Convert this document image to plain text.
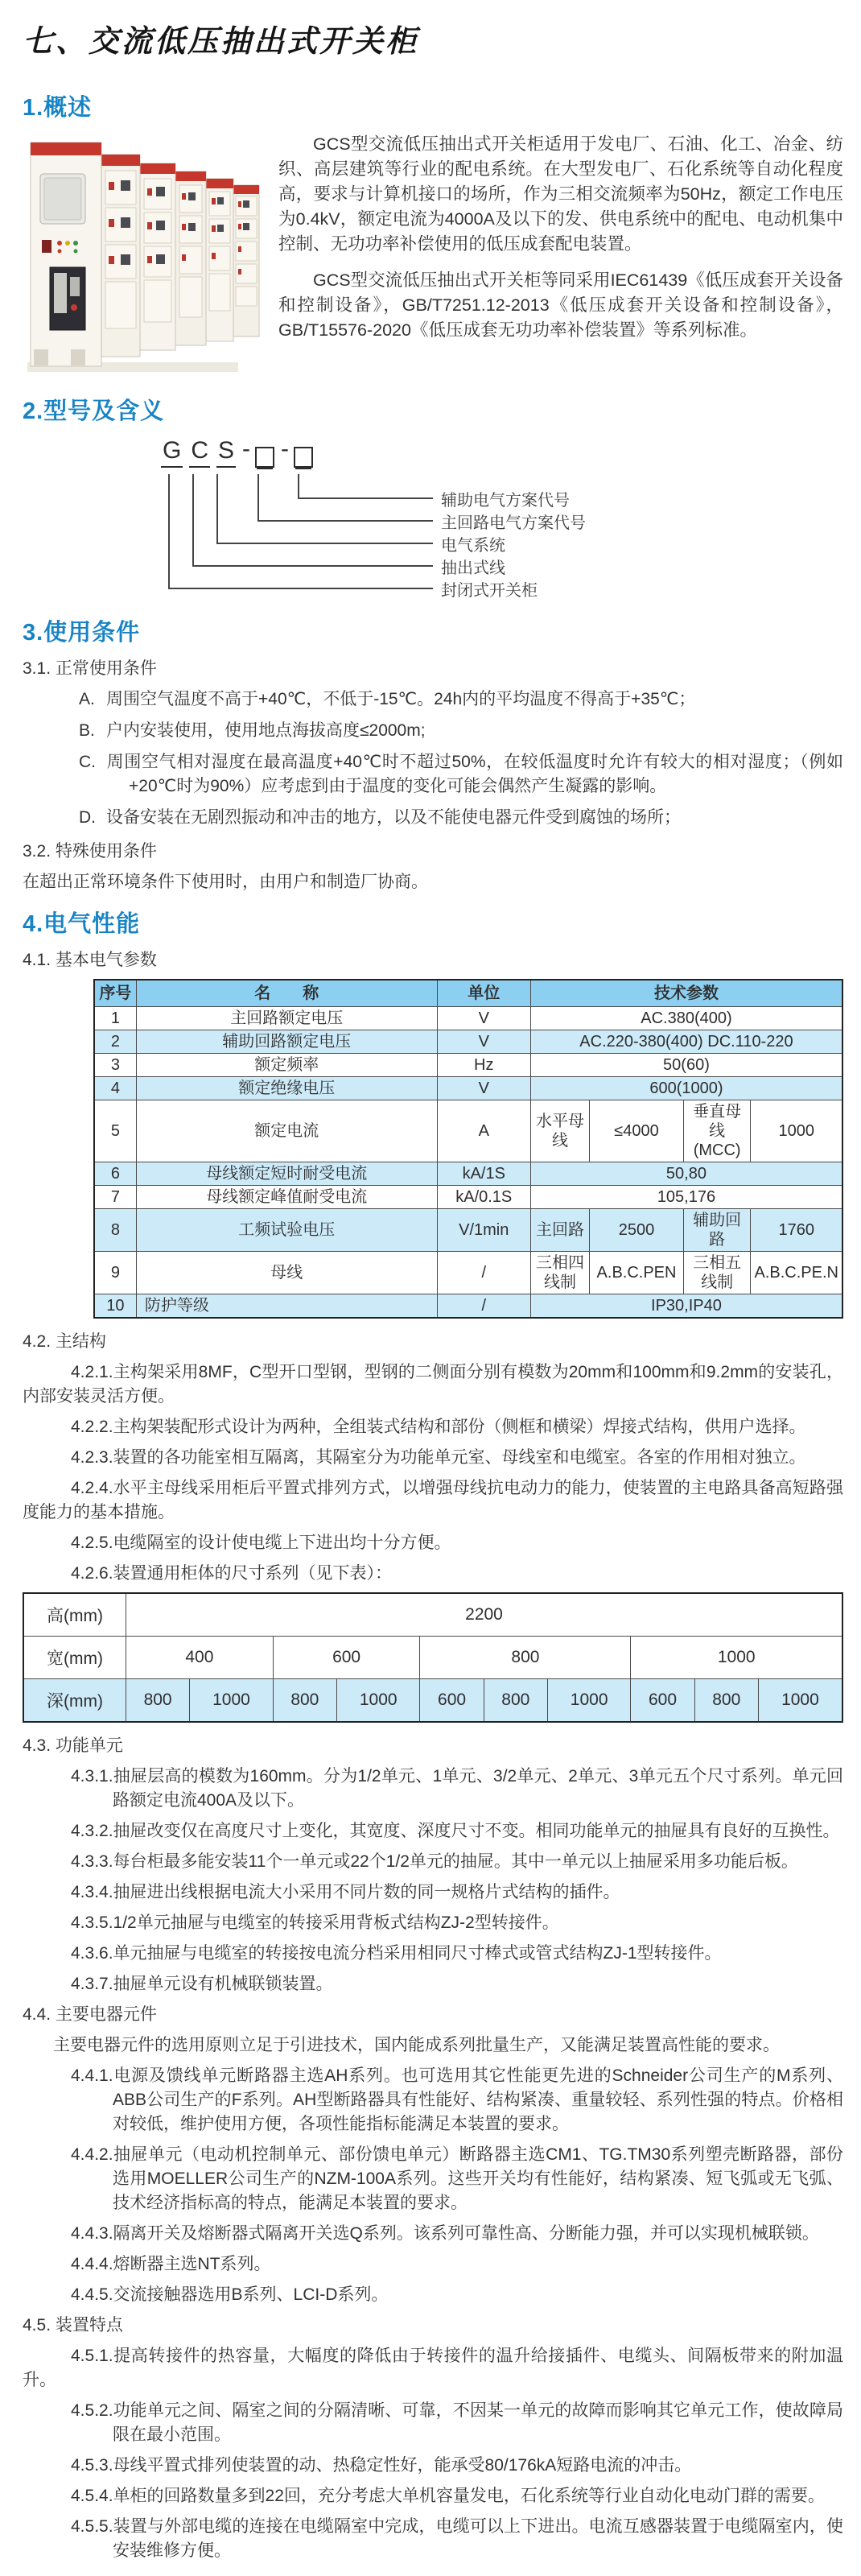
七、交流低压抽出式开关柜
1.概述

GCS型交流低压抽出式开关柜适用于发电厂、石油、化工、冶金、纺织、高层建筑等行业的配电系统。在大型发电厂、石化系统等自动化程度高，要求与计算机接口的场所，作为三相交流频率为50Hz，额定工作电压为0.4kV，额定电流为4000A及以下的发、供电系统中的配电、电动机集中控制、无功功率补偿使用的低压成套配电装置。

GCS型交流低压抽出式开关柜等同采用IEC61439《低压成套开关设备和控制设备》，GB/T7251.12-2013《低压成套开关设备和控制设备》，GB/T15576-2020《低压成套无功功率补偿装置》等系列标准。

2.型号及含义
G C S - -
辅助电气方案代号
主回路电气方案代号
电气系统
抽出式线
封闭式开关柜
3.使用条件

3.1. 正常使用条件

A. 周围空气温度不高于+40℃，不低于-15℃。24h内的平均温度不得高于+35℃；

B. 户内安装使用，使用地点海拔高度≤2000m;

C. 周围空气相对湿度在最高温度+40℃时不超过50%，在较低温度时允许有较大的相对湿度；（例如+20℃时为90%）应考虑到由于温度的变化可能会偶然产生凝露的影响。

D. 设备安装在无剧烈振动和冲击的地方，以及不能使电器元件受到腐蚀的场所；

3.2. 特殊使用条件

在超出正常环境条件下使用时，由用户和制造厂协商。

4.电气性能

4.1. 基本电气参数

序号	名　　称	单位	技术参数			
1	主回路额定电压	V	AC.380(400)			
2	辅助回路额定电压	V	AC.220-380(400) DC.110-220			
3	额定频率	Hz	50(60)			
4	额定绝缘电压	V	600(1000)			
5	额定电流	A	水平母线	≤4000	垂直母线 (MCC)	1000
6	母线额定短时耐受电流	kA/1S	50,80			
7	母线额定峰值耐受电流	kA/0.1S	105,176			
8	工频试验电压	V/1min	主回路	2500	辅助回路	1760
9	母线	/	三相四线制	A.B.C.PEN	三相五线制	A.B.C.PE.N
10	防护等级	/	IP30,IP40			

4.2. 主结构

4.2.1.主构架采用8MF，C型开口型钢，型钢的二侧面分别有模数为20mm和100mm和9.2mm的安装孔，内部安装灵活方便。

4.2.2.主构架装配形式设计为两种，全组装式结构和部份（侧框和横梁）焊接式结构，供用户选择。

4.2.3.装置的各功能室相互隔离，其隔室分为功能单元室、母线室和电缆室。各室的作用相对独立。

4.2.4.水平主母线采用柜后平置式排列方式，以增强母线抗电动力的能力，使装置的主电路具备高短路强度能力的基本措施。

4.2.5.电缆隔室的设计使电缆上下进出均十分方便。

4.2.6.装置通用柜体的尺寸系列（见下表）：

高(mm)	2200									
宽(mm)	400		600		800			1000		
深(mm)	800	1000	800	1000	600	800	1000	600	800	1000

4.3. 功能单元

4.3.1.抽屉层高的模数为160mm。分为1/2单元、1单元、3/2单元、2单元、3单元五个尺寸系列。单元回路额定电流400A及以下。

4.3.2.抽屉改变仅在高度尺寸上变化，其宽度、深度尺寸不变。相同功能单元的抽屉具有良好的互换性。

4.3.3.每台柜最多能安装11个一单元或22个1/2单元的抽屉。其中一单元以上抽屉采用多功能后板。

4.3.4.抽屉进出线根据电流大小采用不同片数的同一规格片式结构的插件。

4.3.5.1/2单元抽屉与电缆室的转接采用背板式结构ZJ-2型转接件。

4.3.6.单元抽屉与电缆室的转接按电流分档采用相同尺寸棒式或管式结构ZJ-1型转接件。

4.3.7.抽屉单元设有机械联锁装置。

4.4. 主要电器元件

主要电器元件的选用原则立足于引进技术，国内能成系列批量生产，又能满足装置高性能的要求。

4.4.1.电源及馈线单元断路器主选AH系列。也可选用其它性能更先进的Schneider公司生产的M系列、ABB公司生产的F系列。AH型断路器具有性能好、结构紧凑、重量较轻、系列性强的特点。价格相对较低，维护使用方便，各项性能指标能满足本装置的要求。

4.4.2.抽屉单元（电动机控制单元、部份馈电单元）断路器主选CM1、TG.TM30系列塑壳断路器，部份选用MOELLER公司生产的NZM-100A系列。这些开关均有性能好，结构紧凑、短飞弧或无飞弧、技术经济指标高的特点，能满足本装置的要求。

4.4.3.隔离开关及熔断器式隔离开关选Q系列。该系列可靠性高、分断能力强，并可以实现机械联锁。

4.4.4.熔断器主选NT系列。

4.4.5.交流接触器选用B系列、LCI-D系列。

4.5. 装置特点

4.5.1.提高转接件的热容量，大幅度的降低由于转接件的温升给接插件、电缆头、间隔板带来的附加温升。

4.5.2.功能单元之间、隔室之间的分隔清晰、可靠，不因某一单元的故障而影响其它单元工作，使故障局限在最小范围。

4.5.3.母线平置式排列使装置的动、热稳定性好，能承受80/176kA短路电流的冲击。

4.5.4.单柜的回路数量多到22回，充分考虑大单机容量发电，石化系统等行业自动化电动门群的需要。

4.5.5.装置与外部电缆的连接在电缆隔室中完成，电缆可以上下进出。电流互感器装置于电缆隔室内，使安装维修方便。
